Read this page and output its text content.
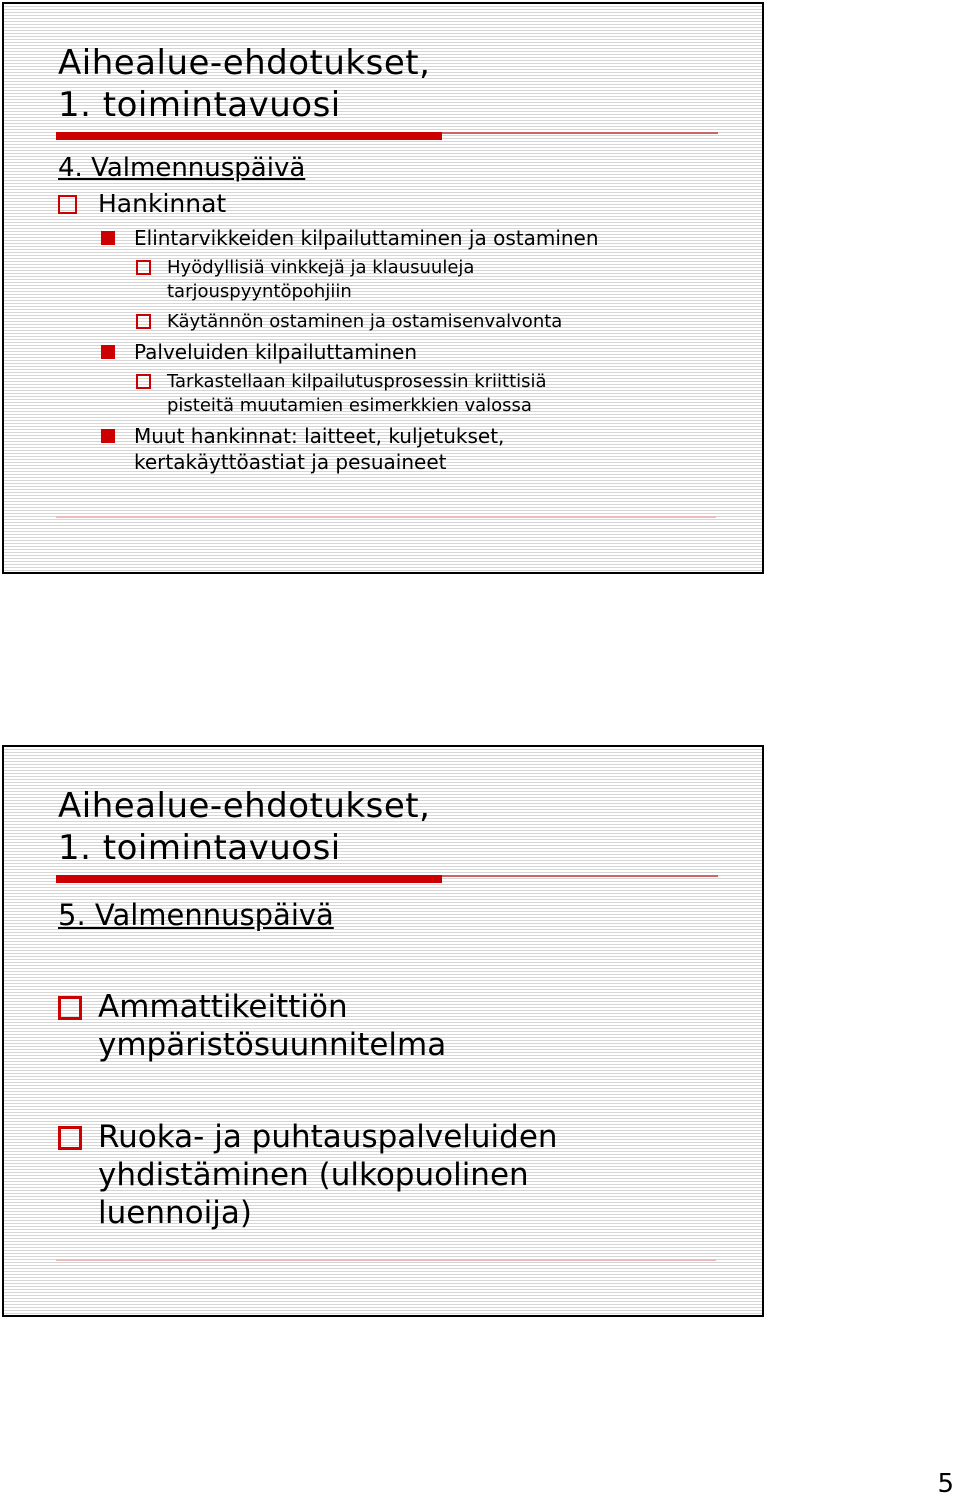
Aihealue-ehdotukset,
1. toimintavuosi
4. Valmennuspäivä
Hankinnat
Elintarvikkeiden kilpailuttaminen ja ostaminen
Hyödyllisiä vinkkejä ja klausuuleja
tarjouspyyntöpohjiin
Käytännön ostaminen ja ostamisenvalvonta
Palveluiden kilpailuttaminen
Tarkastellaan kilpailutusprosessin kriittisiä
pisteitä muutamien esimerkkien valossa
Muut hankinnat: laitteet, kuljetukset,
kertakäyttöastiat ja pesuaineet
Aihealue-ehdotukset,
1. toimintavuosi
5. Valmennuspäivä
Ammattikeittiön
ympäristösuunnitelma
Ruoka- ja puhtauspalveluiden
yhdistäminen (ulkopuolinen
luennoija)
5
